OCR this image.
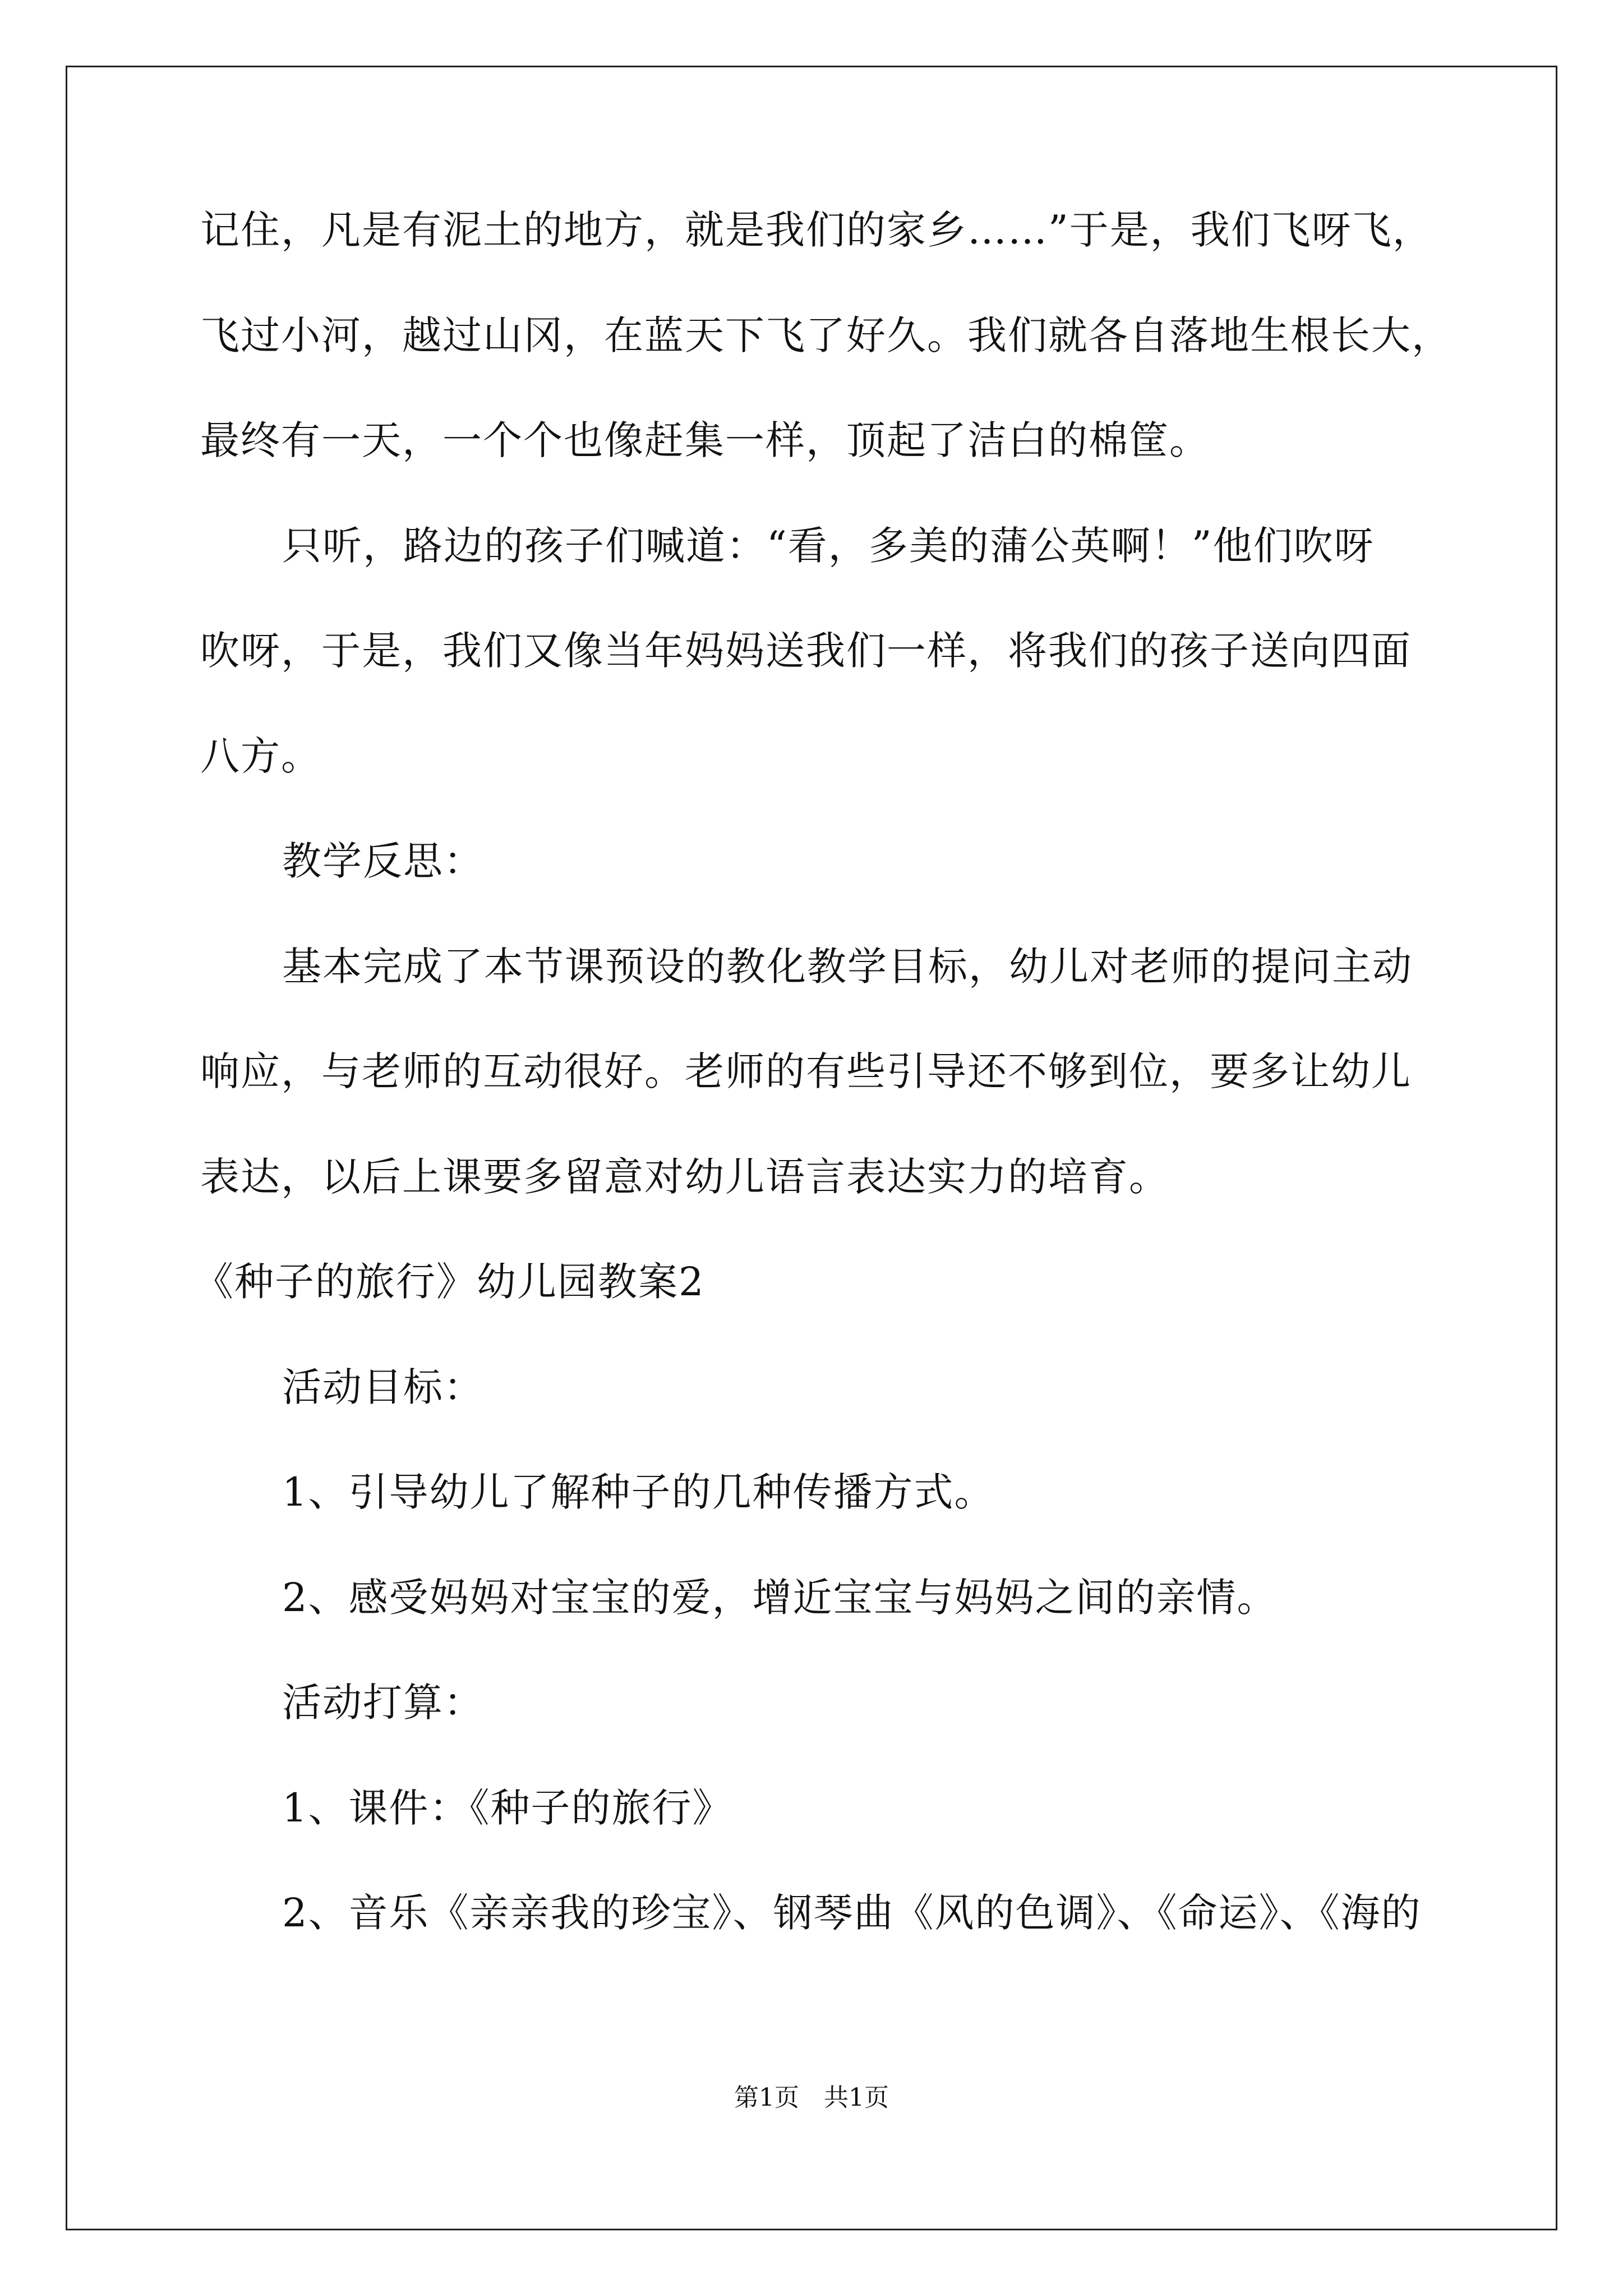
记住，凡是有泥土的地方，就是我们的家乡……”于是，我们飞呀飞，

飞过小河，越过山冈，在蓝天下飞了好久。我们就各自落地生根长大，

最终有一天，一个个也像赶集一样，顶起了洁白的棉筐。

只听，路边的孩子们喊道：“看，多美的蒲公英啊！”他们吹呀

吹呀，于是，我们又像当年妈妈送我们一样，将我们的孩子送向四面

八方。

教学反思：

基本完成了本节课预设的教化教学目标，幼儿对老师的提问主动

响应，与老师的互动很好。老师的有些引导还不够到位，要多让幼儿

表达，以后上课要多留意对幼儿语言表达实力的培育。

《种子的旅行》幼儿园教案2

活动目标：

1、引导幼儿了解种子的几种传播方式。

2、感受妈妈对宝宝的爱，增近宝宝与妈妈之间的亲情。

活动打算：

1、课件：《种子的旅行》

2、音乐《亲亲我的珍宝》、钢琴曲《风的色调》、《命运》、《海的

第1页 共1页
